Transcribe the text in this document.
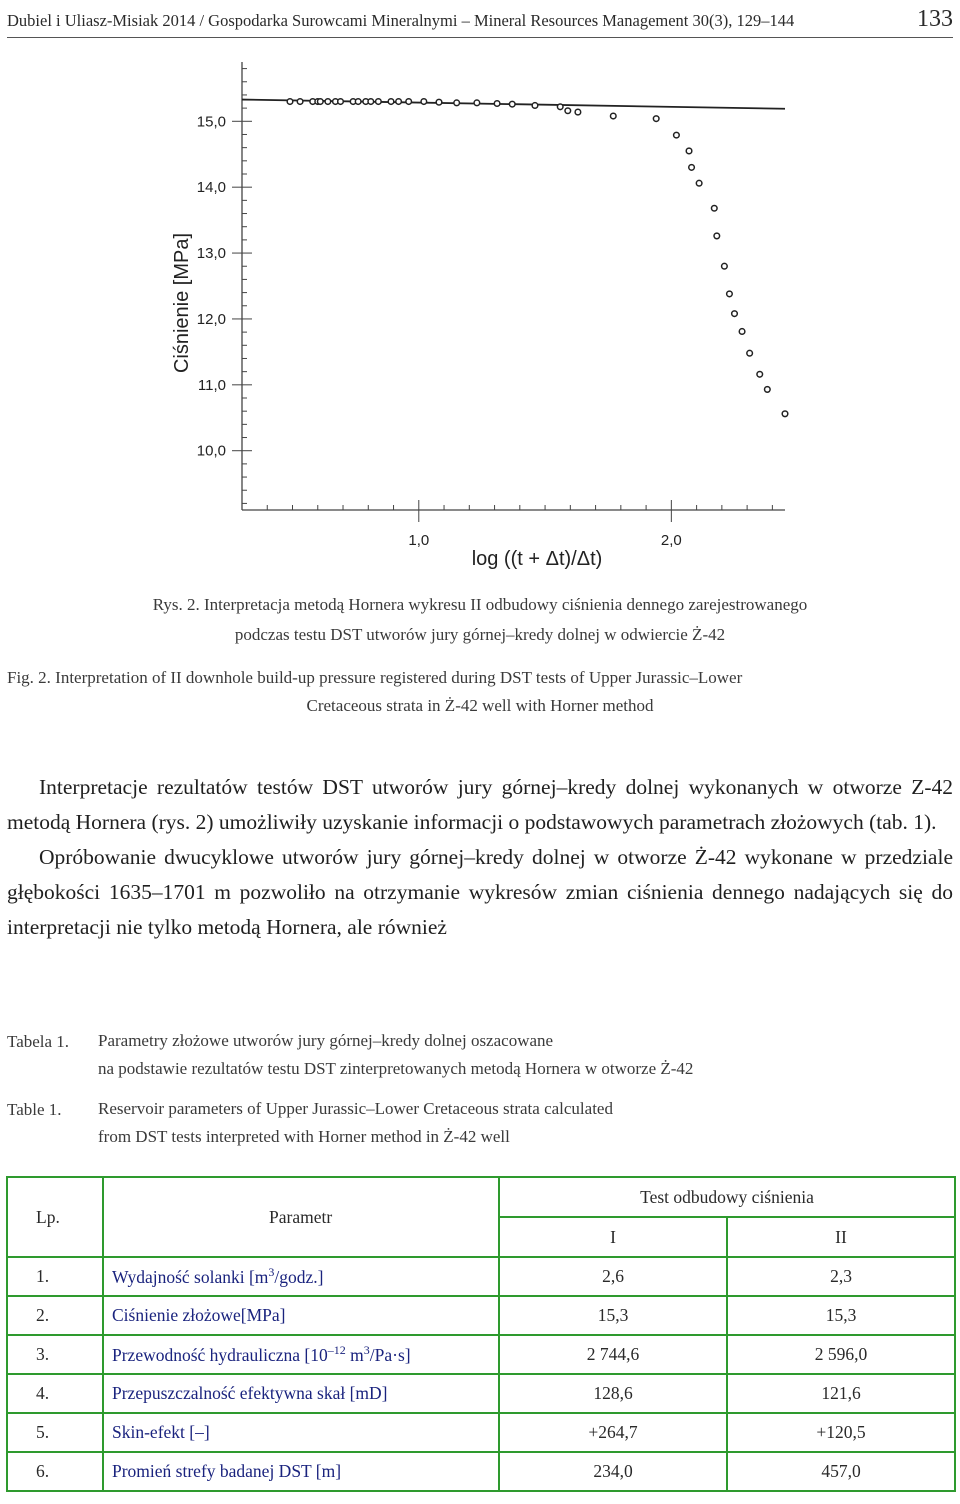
Dubiel i Uliasz-Misiak 2014 / Gospodarka Surowcami Mineralnymi – Mineral Resources Management 30(3), 129–144	133
15,0
14,0
13,0
12,0
11,0
10,0
1,0	2,0
Ciśnienie [MPa]
log ((t + Δt)/Δt)
Rys. 2. Interpretacja metodą Hornera wykresu II odbudowy ciśnienia dennego zarejestrowanego
podczas testu DST utworów jury górnej–kredy dolnej w odwiercie Ż-42
Fig. 2. Interpretation of II downhole build-up pressure registered during DST tests of Upper Jurassic–Lower
Cretaceous strata in Ż-42 well with Horner method

Interpretacje rezultatów testów DST utworów jury górnej–kredy dolnej wykonanych w otworze Z-42 metodą Hornera (rys. 2) umożliwiły uzyskanie informacji o podstawowych parametrach złożowych (tab. 1).

Opróbowanie dwucyklowe utworów jury górnej–kredy dolnej w otworze Ż-42 wykonane w przedziale głębokości 1635–1701 m pozwoliło na otrzymanie wykresów zmian ciśnienia dennego nadających się do interpretacji nie tylko metodą Hornera, ale również

Tabela 1. Parametry złożowe utworów jury górnej–kredy dolnej oszacowane
na podstawie rezultatów testu DST zinterpretowanych metodą Hornera w otworze Ż-42
Table 1. Reservoir parameters of Upper Jurassic–Lower Cretaceous strata calculated
from DST tests interpreted with Horner method in Ż-42 well
Lp.	Parametr	Test odbudowy ciśnienia	
		I	II
1.	Wydajność solanki $[m^3/godz.]$	2,6	2,3
2.	Ciśnienie złożowe[MPa]	15,3	15,3
3.	Przewodność hydrauliczna [$10^{-12}$ $m^3/Pa\cdot s$]	2 744,6	2 596,0
4.	Przepuszczalność efektywna skał [mD]	128,6	121,6
5.	Skin-efekt [–]	+264,7	+120,5
6.	Promień strefy badanej DST [m]	234,0	457,0
